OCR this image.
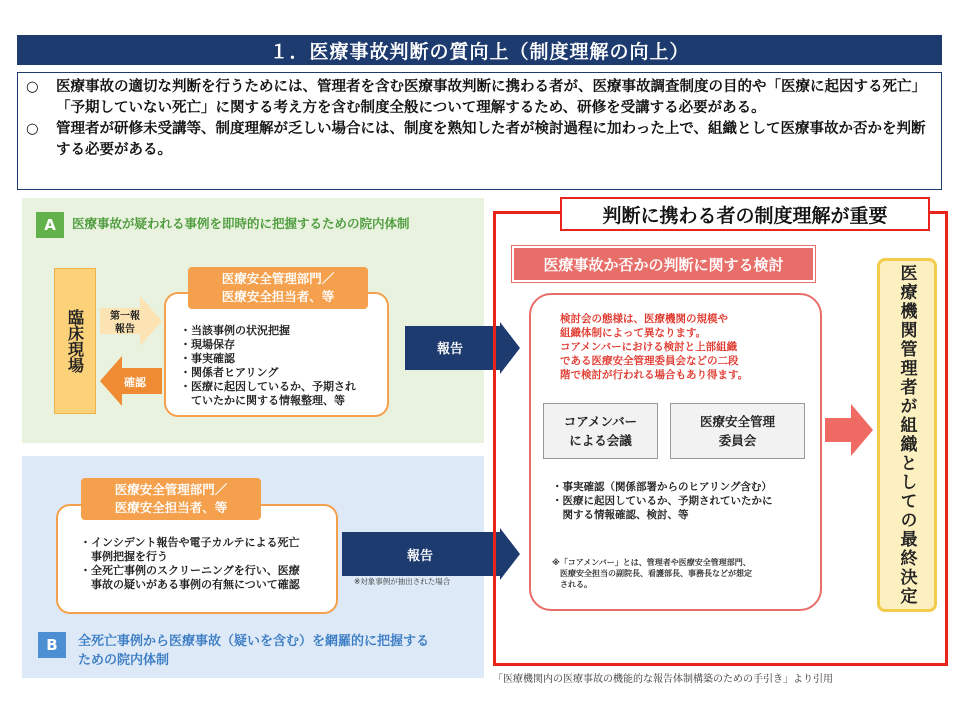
１．医療事故判断の質向上（制度理解の向上）
○	医療事故の適切な判断を行うためには、管理者を含む医療事故判断に携わる者が、医療事故調査制度の目的や「医療に起因する死亡」「予期していない死亡」に関する考え方を含む制度全般について理解するため、研修を受講する必要がある。
○	管理者が研修未受講等、制度理解が乏しい場合には、制度を熟知した者が検討過程に加わった上で、組織として医療事故か否かを判断する必要がある。
A	医療事故が疑われる事例を即時的に把握するための院内体制
臨床現場	第一報
報告
確認
・当該事例の状況把握
・現場保存
・事実確認
・関係者ヒアリング
・医療に起因しているか、予期され
　ていたかに関する情報整理、等
医療安全管理部門／
医療安全担当者、等
報告
・インシデント報告や電子カルテによる死亡
　事例把握を行う
・全死亡事例のスクリーニングを行い、医療
　事故の疑いがある事例の有無について確認
医療安全管理部門／
医療安全担当者、等
B	全死亡事例から医療事故（疑いを含む）を網羅的に把握する
ための院内体制
報告
※対象事例が抽出された場合
判断に携わる者の制度理解が重要
医療事故か否かの判断に関する検討
検討会の態様は、医療機関の規模や
組織体制によって異なります。
コアメンバーにおける検討と上部組織
である医療安全管理委員会などの二段
階で検討が行われる場合もあり得ます。
コアメンバー
による会議
医療安全管理
委員会
・事実確認（関係部署からのヒアリング含む）
・医療に起因しているか、予期されていたかに
　関する情報確認、検討、等
※「コアメンバー」とは、管理者や医療安全管理部門、
　医療安全担当の副院長、看護部長、事務長などが想定
　される。	医療機関管理者が組織としての最終決定
「医療機関内の医療事故の機能的な報告体制構築のための手引き」より引用
